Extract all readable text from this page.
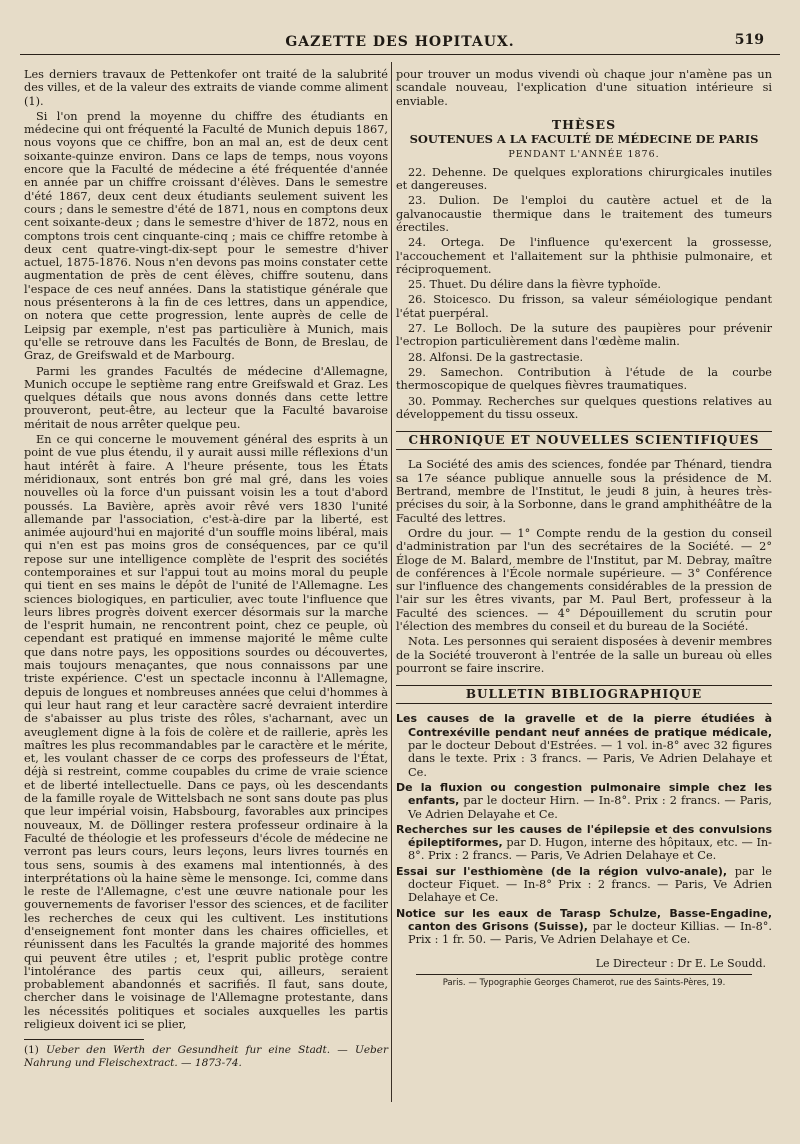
GAZETTE DES HOPITAUX.	519

Les derniers travaux de Pettenkofer ont traité de la salubrité des villes, et de la valeur des extraits de viande comme aliment (1).

Si l'on prend la moyenne du chiffre des étudiants en médecine qui ont fréquenté la Faculté de Munich depuis 1867, nous voyons que ce chiffre, bon an mal an, est de deux cent soixante-quinze environ. Dans ce laps de temps, nous voyons encore que la Faculté de médecine a été fréquentée d'année en année par un chiffre croissant d'élèves. Dans le semestre d'été 1867, deux cent deux étudiants seulement suivent les cours ; dans le semestre d'été de 1871, nous en comptons deux cent soixante-deux ; dans le semestre d'hiver de 1872, nous en comptons trois cent cinquante-cinq ; mais ce chiffre retombe à deux cent quatre-vingt-dix-sept pour le semestre d'hiver actuel, 1875-1876. Nous n'en devons pas moins constater cette augmentation de près de cent élèves, chiffre soutenu, dans l'espace de ces neuf années. Dans la statistique générale que nous présenterons à la fin de ces lettres, dans un appendice, on notera que cette progression, lente auprès de celle de Leipsig par exemple, n'est pas particulière à Munich, mais qu'elle se retrouve dans les Facultés de Bonn, de Breslau, de Graz, de Greifswald et de Marbourg.

Parmi les grandes Facultés de médecine d'Allemagne, Munich occupe le septième rang entre Greifswald et Graz. Les quelques détails que nous avons donnés dans cette lettre prouveront, peut-être, au lecteur que la Faculté bavaroise méritait de nous arrêter quelque peu.

En ce qui concerne le mouvement général des esprits à un point de vue plus étendu, il y aurait aussi mille réflexions d'un haut intérêt à faire. A l'heure présente, tous les États méridionaux, sont entrés bon gré mal gré, dans les voies nouvelles où la force d'un puissant voisin les a tout d'abord poussés. La Bavière, après avoir rêvé vers 1830 l'unité allemande par l'association, c'est-à-dire par la liberté, est animée aujourd'hui en majorité d'un souffle moins libéral, mais qui n'en est pas moins gros de conséquences, par ce qu'il repose sur une intelligence complète de l'esprit des sociétés contemporaines et sur l'appui tout au moins moral du peuple qui tient en ses mains le dépôt de l'unité de l'Allemagne. Les sciences biologiques, en particulier, avec toute l'influence que leurs libres progrès doivent exercer désormais sur la marche de l'esprit humain, ne rencontrent point, chez ce peuple, où cependant est pratiqué en immense majorité le même culte que dans notre pays, les oppositions sourdes ou découvertes, mais toujours menaçantes, que nous connaissons par une triste expérience. C'est un spectacle inconnu à l'Allemagne, depuis de longues et nombreuses années que celui d'hommes à qui leur haut rang et leur caractère sacré devraient interdire de s'abaisser au plus triste des rôles, s'acharnant, avec un aveuglement digne à la fois de colère et de raillerie, après les maîtres les plus recommandables par le caractère et le mérite, et, les voulant chasser de ce corps des professeurs de l'État, déjà si restreint, comme coupables du crime de vraie science et de liberté intellectuelle. Dans ce pays, où les descendants de la famille royale de Wittelsbach ne sont sans doute pas plus que leur impérial voisin, Habsbourg, favorables aux principes nouveaux, M. de Döllinger restera professeur ordinaire à la Faculté de théologie et les professeurs d'école de médecine ne verront pas leurs cours, leurs leçons, leurs livres tournés en tous sens, soumis à des examens mal intentionnés, à des interprétations où la haine sème le mensonge. Ici, comme dans le reste de l'Allemagne, c'est une œuvre nationale pour les gouvernements de favoriser l'essor des sciences, et de faciliter les recherches de ceux qui les cultivent. Les institutions d'enseignement font monter dans les chaires officielles, et réunissent dans les Facultés la grande majorité des hommes qui peuvent être utiles ; et, l'esprit public protège contre l'intolérance des partis ceux qui, ailleurs, seraient probablement abandonnés et sacrifiés. Il faut, sans doute, chercher dans le voisinage de l'Allemagne protestante, dans les nécessités politiques et sociales auxquelles les partis religieux doivent ici se plier,

(1) Ueber den Werth der Gesundheit fur eine Stadt. — Ueber Nahrung und Fleischextract. — 1873-74.

pour trouver un modus vivendi où chaque jour n'amène pas un scandale nouveau, l'explication d'une situation intérieure si enviable.

THÈSES
SOUTENUES A LA FACULTÉ DE MÉDECINE DE PARIS
PENDANT L'ANNÉE 1876.

22. Dehenne. De quelques explorations chirurgicales inutiles et dangereuses.

23. Dulion. De l'emploi du cautère actuel et de la galvanocaustie thermique dans le traitement des tumeurs érectiles.

24. Ortega. De l'influence qu'exercent la grossesse, l'accouchement et l'allaitement sur la phthisie pulmonaire, et réciproquement.

25. Thuet. Du délire dans la fièvre typhoïde.

26. Stoicesco. Du frisson, sa valeur séméiologique pendant l'état puerpéral.

27. Le Bolloch. De la suture des paupières pour prévenir l'ectropion particulièrement dans l'œdème malin.

28. Alfonsi. De la gastrectasie.

29. Samechon. Contribution à l'étude de la courbe thermoscopique de quelques fièvres traumatiques.

30. Pommay. Recherches sur quelques questions relatives au développement du tissu osseux.

CHRONIQUE ET NOUVELLES SCIENTIFIQUES

La Société des amis des sciences, fondée par Thénard, tiendra sa 17e séance publique annuelle sous la présidence de M. Bertrand, membre de l'Institut, le jeudi 8 juin, à heures très-précises du soir, à la Sorbonne, dans le grand amphithéâtre de la Faculté des lettres.

Ordre du jour. — 1° Compte rendu de la gestion du conseil d'administration par l'un des secrétaires de la Société. — 2° Éloge de M. Balard, membre de l'Institut, par M. Debray, maître de conférences à l'École normale supérieure. — 3° Conférence sur l'influence des changements considérables de la pression de l'air sur les êtres vivants, par M. Paul Bert, professeur à la Faculté des sciences. — 4° Dépouillement du scrutin pour l'élection des membres du conseil et du bureau de la Société.

Nota. Les personnes qui seraient disposées à devenir membres de la Société trouveront à l'entrée de la salle un bureau où elles pourront se faire inscrire.

BULLETIN BIBLIOGRAPHIQUE

Les causes de la gravelle et de la pierre étudiées à Contrexéville pendant neuf années de pratique médicale, par le docteur Debout d'Estrées. — 1 vol. in-8° avec 32 figures dans le texte. Prix : 3 francs. — Paris, Ve Adrien Delahaye et Ce.

De la fluxion ou congestion pulmonaire simple chez les enfants, par le docteur Hirn. — In-8°. Prix : 2 francs. — Paris, Ve Adrien Delayahe et Ce.

Recherches sur les causes de l'épilepsie et des convulsions épileptiformes, par D. Hugon, interne des hôpitaux, etc. — In-8°. Prix : 2 francs. — Paris, Ve Adrien Delahaye et Ce.

Essai sur l'esthiomène (de la région vulvo-anale), par le docteur Fiquet. — In-8° Prix : 2 francs. — Paris, Ve Adrien Delahaye et Ce.

Notice sur les eaux de Tarasp Schulze, Basse-Engadine, canton des Grisons (Suisse), par le docteur Killias. — In-8°. Prix : 1 fr. 50. — Paris, Ve Adrien Delahaye et Ce.

Le Directeur : Dr E. Le Soudd.
Paris. — Typographie Georges Chamerot, rue des Saints-Pères, 19.
